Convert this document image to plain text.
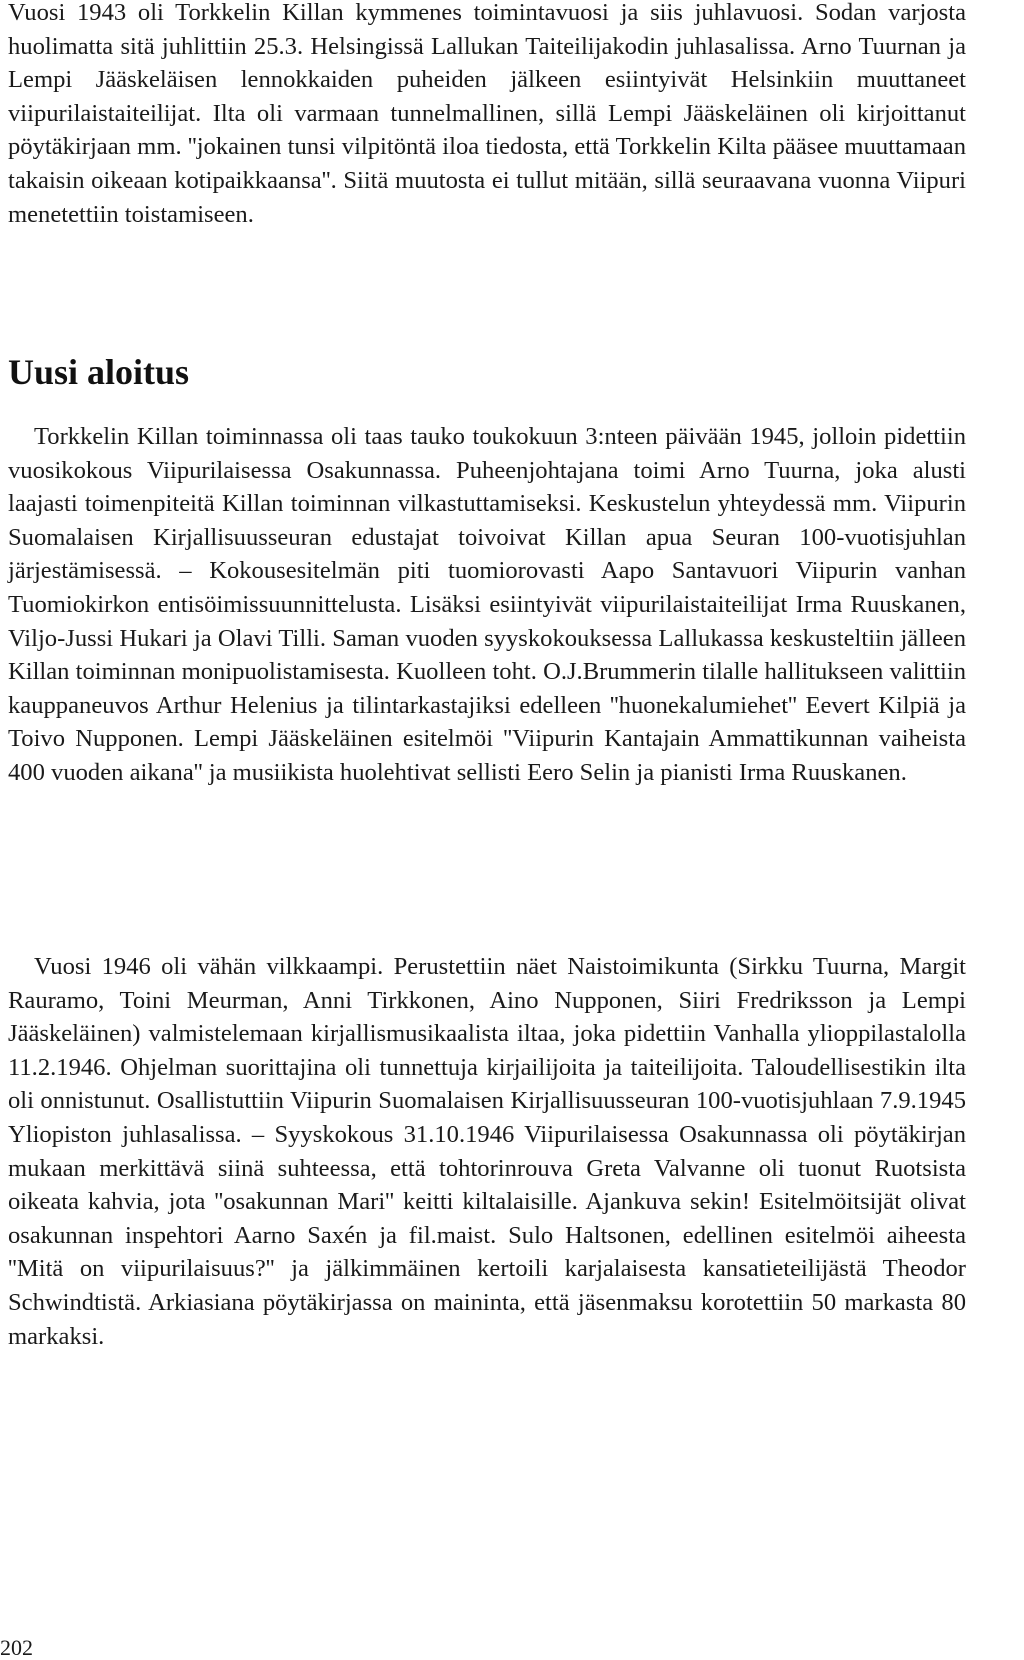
Vuosi 1943 oli Torkkelin Killan kymmenes toimintavuosi ja siis juhlavuosi. Sodan varjosta huolimatta sitä juhlittiin 25.3. Helsingissä Lallukan Taiteilijakodin juhlasalissa. Arno Tuurnan ja Lempi Jääskeläisen lennokkaiden puheiden jälkeen esiintyivät Helsinkiin muuttaneet viipurilaistaiteilijat. Ilta oli varmaan tunnelmallinen, sillä Lempi Jääskeläinen oli kirjoittanut pöytäkirjaan mm. ''jokainen tunsi vilpitöntä iloa tiedosta, että Torkkelin Kilta pääsee muuttamaan takaisin oikeaan kotipaikkaansa''. Siitä muutosta ei tullut mitään, sillä seuraavana vuonna Viipuri menetettiin toistamiseen.

Uusi aloitus

Torkkelin Killan toiminnassa oli taas tauko toukokuun 3:nteen päivään 1945, jolloin pidettiin vuosikokous Viipurilaisessa Osakunnassa. Puheenjohtajana toimi Arno Tuurna, joka alusti laajasti toimenpiteitä Killan toiminnan vilkastuttamiseksi. Keskustelun yhteydessä mm. Viipurin Suomalaisen Kirjallisuusseuran edustajat toivoivat Killan apua Seuran 100-vuotisjuhlan järjestämisessä. – Kokousesitelmän piti tuomiorovasti Aapo Santavuori Viipurin vanhan Tuomiokirkon entisöimissuunnittelusta. Lisäksi esiintyivät viipurilaistaiteilijat Irma Ruuskanen, Viljo-Jussi Hukari ja Olavi Tilli. Saman vuoden syyskokouksessa Lallukassa keskusteltiin jälleen Killan toiminnan monipuolistamisesta. Kuolleen toht. O.J.Brummerin tilalle hallitukseen valittiin kauppaneuvos Arthur Helenius ja tilintarkastajiksi edelleen ''huonekalumiehet'' Eevert Kilpiä ja Toivo Nupponen. Lempi Jääskeläinen esitelmöi ''Viipurin Kantajain Ammattikunnan vaiheista 400 vuoden aikana'' ja musiikista huolehtivat sellisti Eero Selin ja pianisti Irma Ruuskanen.

Vuosi 1946 oli vähän vilkkaampi. Perustettiin näet Naistoimikunta (Sirkku Tuurna, Margit Rauramo, Toini Meurman, Anni Tirkkonen, Aino Nupponen, Siiri Fredriksson ja Lempi Jääskeläinen) valmistelemaan kirjallismusikaalista iltaa, joka pidettiin Vanhalla ylioppilastalolla 11.2.1946. Ohjelman suorittajina oli tunnettuja kirjailijoita ja taiteilijoita. Taloudellisestikin ilta oli onnistunut. Osallistuttiin Viipurin Suomalaisen Kirjallisuusseuran 100-vuotisjuhlaan 7.9.1945 Yliopiston juhlasalissa. – Syyskokous 31.10.1946 Viipurilaisessa Osakunnassa oli pöytäkirjan mukaan merkittävä siinä suhteessa, että tohtorinrouva Greta Valvanne oli tuonut Ruotsista oikeata kahvia, jota ''osakunnan Mari'' keitti kiltalaisille. Ajankuva sekin! Esitelmöitsijät olivat osakunnan inspehtori Aarno Saxén ja fil.maist. Sulo Haltsonen, edellinen esitelmöi aiheesta ''Mitä on viipurilaisuus?'' ja jälkimmäinen kertoili karjalaisesta kansatieteilijästä Theodor Schwindtistä. Arkiasiana pöytäkirjassa on maininta, että jäsenmaksu korotettiin 50 markasta 80 markaksi.

202
